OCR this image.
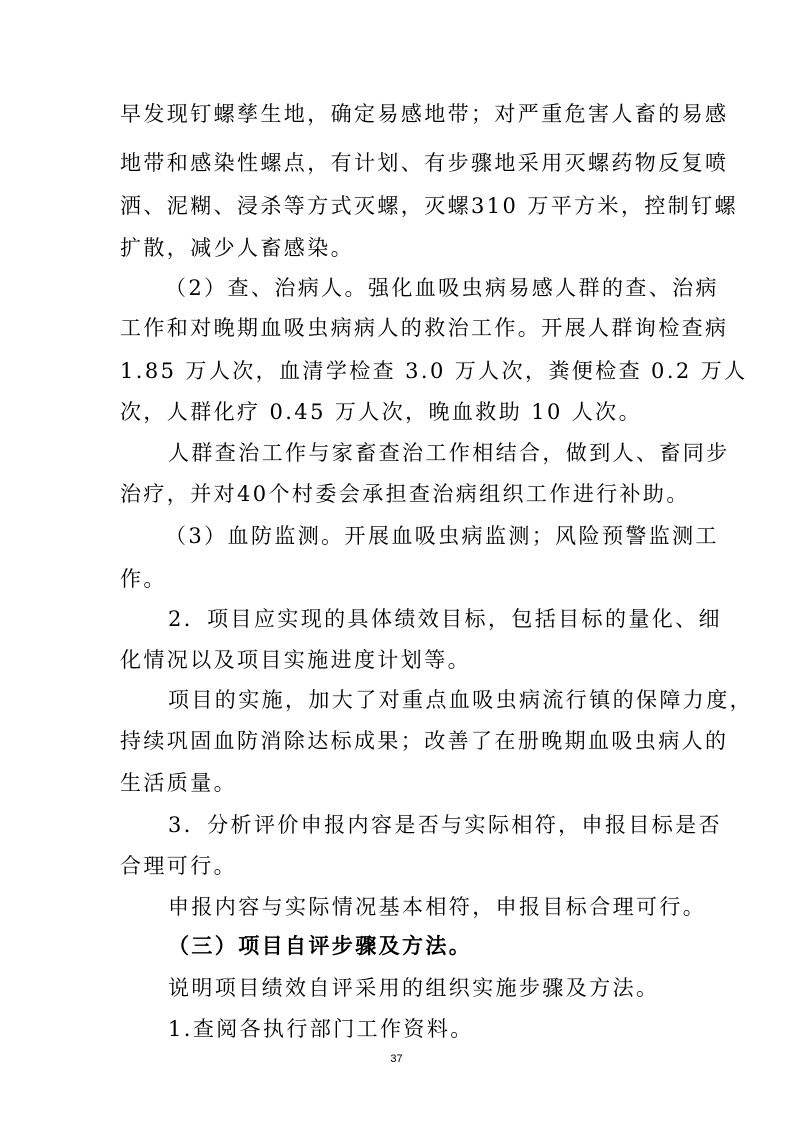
早发现钉螺孳生地，确定易感地带；对严重危害人畜的易感
地带和感染性螺点，有计划、有步骤地采用灭螺药物反复喷
洒、泥糊、浸杀等方式灭螺，灭螺310 万平方米，控制钉螺
扩散，减少人畜感染。
（2）查、治病人。强化血吸虫病易感人群的查、治病
工作和对晚期血吸虫病病人的救治工作。开展人群询检查病
1.85 万人次，血清学检查 3.0 万人次，粪便检查 0.2 万人
次，人群化疗 0.45 万人次，晚血救助 10 人次。
人群查治工作与家畜查治工作相结合，做到人、畜同步
治疗，并对40个村委会承担查治病组织工作进行补助。
（3）血防监测。开展血吸虫病监测；风险预警监测工
作。
2．项目应实现的具体绩效目标，包括目标的量化、细
化情况以及项目实施进度计划等。
项目的实施，加大了对重点血吸虫病流行镇的保障力度，
持续巩固血防消除达标成果；改善了在册晚期血吸虫病人的
生活质量。
3．分析评价申报内容是否与实际相符，申报目标是否
合理可行。
申报内容与实际情况基本相符，申报目标合理可行。
（三）项目自评步骤及方法。
说明项目绩效自评采用的组织实施步骤及方法。
1.查阅各执行部门工作资料。
37
